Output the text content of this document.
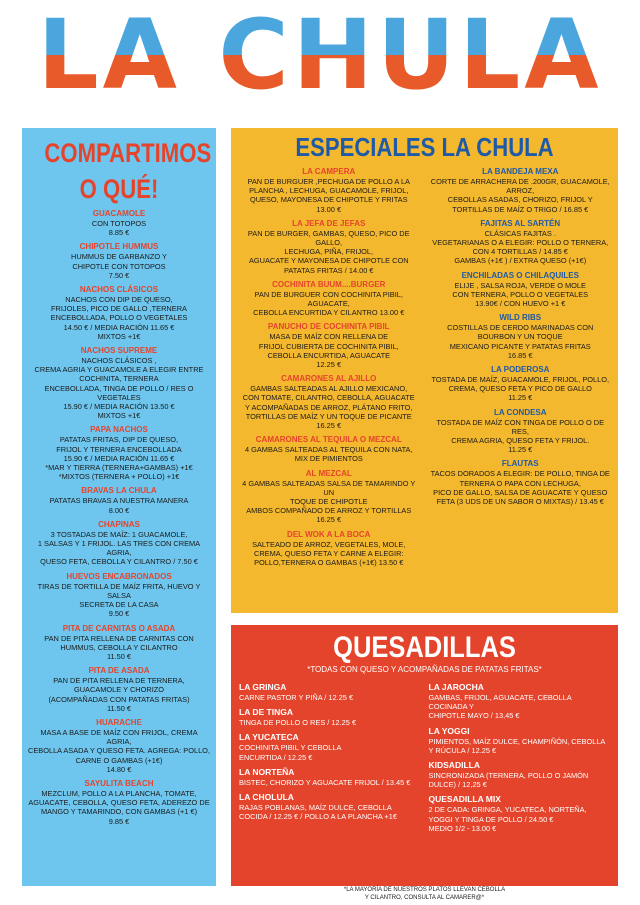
LA CHULA
COMPARTIMOS
O QUÉ!
GUACAMOLE
CON TOTOPOS
8.85 €
CHIPOTLE HUMMUS
HUMMUS DE GARBANZO Y
CHIPOTLE CON TOTOPOS
7.50 €
NACHOS CLÁSICOS
NACHOS CON DIP DE QUESO,
FRIJOLES, PICO DE GALLO ,TERNERA
ENCEBOLLADA, POLLO O VEGETALES
14.50 € / MEDIA RACIÓN 11.65 €
MIXTOS +1€
NACHOS SUPREME
NACHOS CLÁSICOS ,
CREMA AGRIA Y GUACAMOLE A ELEGIR ENTRE
COCHINITA, TERNERA
ENCEBOLLADA, TINGA DE POLLO / RES O VEGETALES
15.90 € / MEDIA RACIÓN 13.50 €
MIXTOS +1€
PAPA NACHOS
PATATAS FRITAS, DIP DE QUESO,
FRIJOL Y TERNERA ENCEBOLLADA
15.90 € / MEDIA RACIÓN 11.65 €
*MAR Y TIERRA (TERNERA+GAMBAS) +1€
*MIXTOS (TERNERA + POLLO) +1€
BRAVAS LA CHULA
PATATAS BRAVAS A NUESTRA MANERA
8.00 €
CHAPINAS
3 TOSTADAS DE MAÍZ: 1 GUACAMOLE,
1 SALSAS Y 1 FRIJOL. LAS TRES CON CREMA AGRIA,
QUESO FETA, CEBOLLA Y CILANTRO / 7.50 €
HUEVOS ENCABRONADOS
TIRAS DE TORTILLA DE MAÍZ FRITA, HUEVO Y SALSA
SECRETA DE LA CASA
9.50 €
PITA DE CARNITAS O ASADA
PAN DE PITA RELLENA DE CARNITAS CON
HUMMUS, CEBOLLA Y CILANTRO
11.50 €
PITA DE ASADA
PAN DE PITA RELLENA DE TERNERA,
GUACAMOLE Y CHORIZO
(ACOMPAÑADAS CON PATATAS FRITAS)
11.50 €
HUARACHE
MASA A BASE DE MAÍZ CON FRIJOL, CREMA AGRIA,
CEBOLLA ASADA Y QUESO FETA. AGREGA: POLLO,
CARNE O GAMBAS (+1€)
14.80 €
SAYULITA BEACH
MEZCLUM, POLLO A LA PLANCHA, TOMATE,
AGUACATE, CEBOLLA, QUESO FETA, ADEREZO DE
MANGO Y TAMARINDO, CON GAMBAS (+1 €)
9.85 €
ESPECIALES LA CHULA
LA CAMPERA
PAN DE BURGUER ,PECHUGA DE POLLO A LA
PLANCHA , LECHUGA, GUACAMOLE, FRIJOL,
QUESO, MAYONESA DE CHIPOTLE Y FRITAS
13.00 €
LA JEFA DE JEFAS
PAN DE BURGER, GAMBAS, QUESO, PICO DE GALLO,
LECHUGA, PIÑA, FRIJOL,
AGUACATE Y MAYONESA DE CHIPOTLE CON
PATATAS FRITAS / 14.00 €
COCHINITA BUUM....BURGER
PAN DE BURGUER CON COCHINITA PIBIL,
AGUACATE,
CEBOLLA ENCURTIDA Y CILANTRO 13.00 €
PANUCHO DE COCHINITA PIBIL
MASA DE MAÍZ CON RELLENA DE
FRIJOL CUBIERTA DE COCHINITA PIBIL,
CEBOLLA ENCURTIDA, AGUACATE
12.25 €
CAMARONES AL AJILLO
GAMBAS SALTEADAS AL AJILLO MEXICANO,
CON TOMATE, CILANTRO, CEBOLLA, AGUACATE
Y ACOMPAÑADAS DE ARROZ, PLÁTANO FRITO,
TORTILLAS DE MAÍZ Y UN TOQUE DE PICANTE
16.25 €
CAMARONES AL TEQUILA O MEZCAL
4 GAMBAS SALTEADAS AL TEQUILA CON NATA,
MIX DE PIMIENTOS
AL MEZCAL
4 GAMBAS SALTEADAS SALSA DE TAMARINDO Y UN
TOQUE DE CHIPOTLE
AMBOS COMPAÑADO DE ARROZ Y TORTILLAS
16.25 €
DEL WOK A LA BOCA
SALTEADO DE ARROZ, VEGETALES, MOLE,
CREMA, QUESO FETA Y CARNE A ELEGIR:
POLLO,TERNERA O GAMBAS (+1€) 13.50 €
LA BANDEJA MEXA
CORTE DE ARRACHERA DE .200GR, GUACAMOLE, ARROZ,
CEBOLLAS ASADAS, CHORIZO, FRIJOL Y
TORTILLAS DE MAÍZ O TRIGO / 16.85 €
FAJITAS AL SARTÉN
CLÁSICAS FAJITAS .
VEGETARIANAS O A ELEGIR: POLLO O TERNERA,
CON 4 TORTILLAS / 14.85 €
GAMBAS (+1€ ) / EXTRA QUESO (+1€)
ENCHILADAS O CHILAQUILES
ELIJE , SALSA ROJA, VERDE O MOLE
CON TERNERA, POLLO O VEGETALES
13.90€ / CON HUEVO +1 €
WILD RIBS
COSTILLAS DE CERDO MARINADAS CON
BOURBON Y UN TOQUE
MEXICANO PICANTE Y PATATAS FRITAS
16.85 €
LA PODEROSA
TOSTADA DE MAÍZ, GUACAMOLE, FRIJOL, POLLO,
CREMA, QUESO FETA Y PICO DE GALLO
11.25 €
LA CONDESA
TOSTADA DE MAÍZ CON TINGA DE POLLO O DE RES,
CREMA AGRIA, QUESO FETA Y FRIJOL.
11.25 €
FLAUTAS
TACOS DORADOS A ELEGIR: DE POLLO, TINGA DE
TERNERA O PAPA CON LECHUGA,
PICO DE GALLO, SALSA DE AGUACATE Y QUESO
FETA (3 UDS DE UN SABOR O MIXTAS) / 13.45 €
QUESADILLAS
*TODAS CON QUESO Y ACOMPAÑADAS DE PATATAS FRITAS*
LA GRINGA
CARNE PASTOR Y PIÑA / 12.25 €
LA DE TINGA
TINGA DE POLLO O RES / 12.25 €
LA YUCATECA
COCHINITA PIBIL Y CEBOLLA
ENCURTIDA / 12.25 €
LA NORTEÑA
BISTEC, CHORIZO Y AGUACATE FRIJOL / 13.45 €
LA CHOLULA
RAJAS POBLANAS, MAÍZ DULCE, CEBOLLA
COCIDA / 12.25 € / POLLO A LA PLANCHA +1€
LA JAROCHA
GAMBAS, FRIJOL, AGUACATE, CEBOLLA COCINADA Y
CHIPOTLE MAYO / 13,45 €
LA YOGGI
PIMIENTOS, MAÍZ DULCE, CHAMPIÑÓN, CEBOLLA
Y RÚCULA / 12.25 €
KIDSADILLA
SINCRONIZADA (TERNERA, POLLO O JAMÓN
DULCE) / 12,25 €
QUESADILLA MIX
2 DE CADA: GRINGA, YUCATECA, NORTEÑA,
YOGGI Y TINGA DE POLLO / 24.50 €
MEDIO 1/2 - 13.00 €
*LA MAYORÍA DE NUESTROS PLATOS LLEVAN CEBOLLA
Y CILANTRO, CONSULTA AL CAMARER@*
